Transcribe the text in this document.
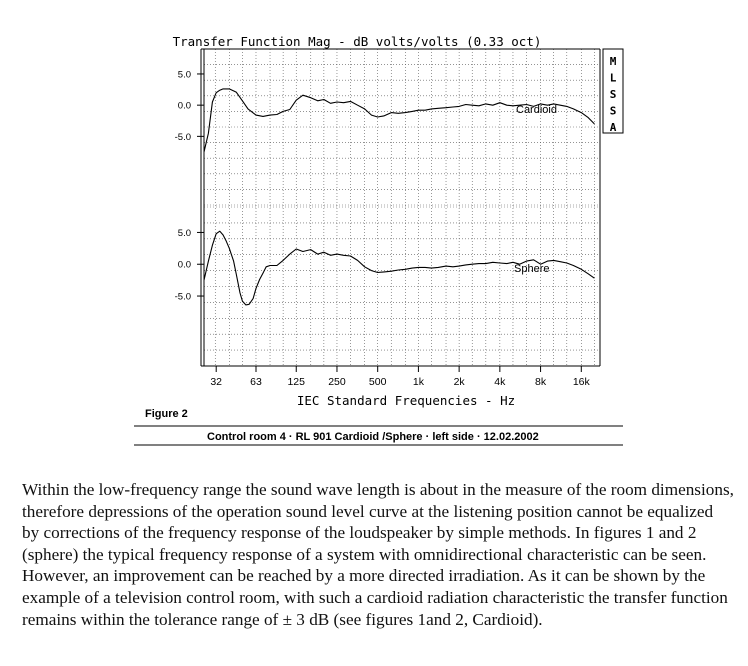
Transfer Function Mag - dB volts/volts (0.33 oct)
5.0
0.0
-5.0
5.0
0.0
-5.0
32	63 125 250 500	1k	2k	4k	8k	16k
Cardioid
Sphere
M
L
S
S
A
IEC Standard Frequencies - Hz
Figure 2
Control room 4 · RL 901 Cardioid /Sphere · left side · 12.02.2002

Within the low-frequency range the sound wave length is about in the measure of the room dimensions, therefore depressions of the operation sound level curve at the listening position cannot be equalized by corrections of the frequency response of the loudspeaker by simple methods. In figures 1 and 2 (sphere) the typical frequency response of a system with omnidirectional characteristic can be seen.

However, an improvement can be reached by a more directed irradiation. As it can be shown by the example of a television control room, with such a cardioid radiation characteristic the transfer function remains within the tolerance range of ± 3 dB (see figures 1and 2, Cardioid).
